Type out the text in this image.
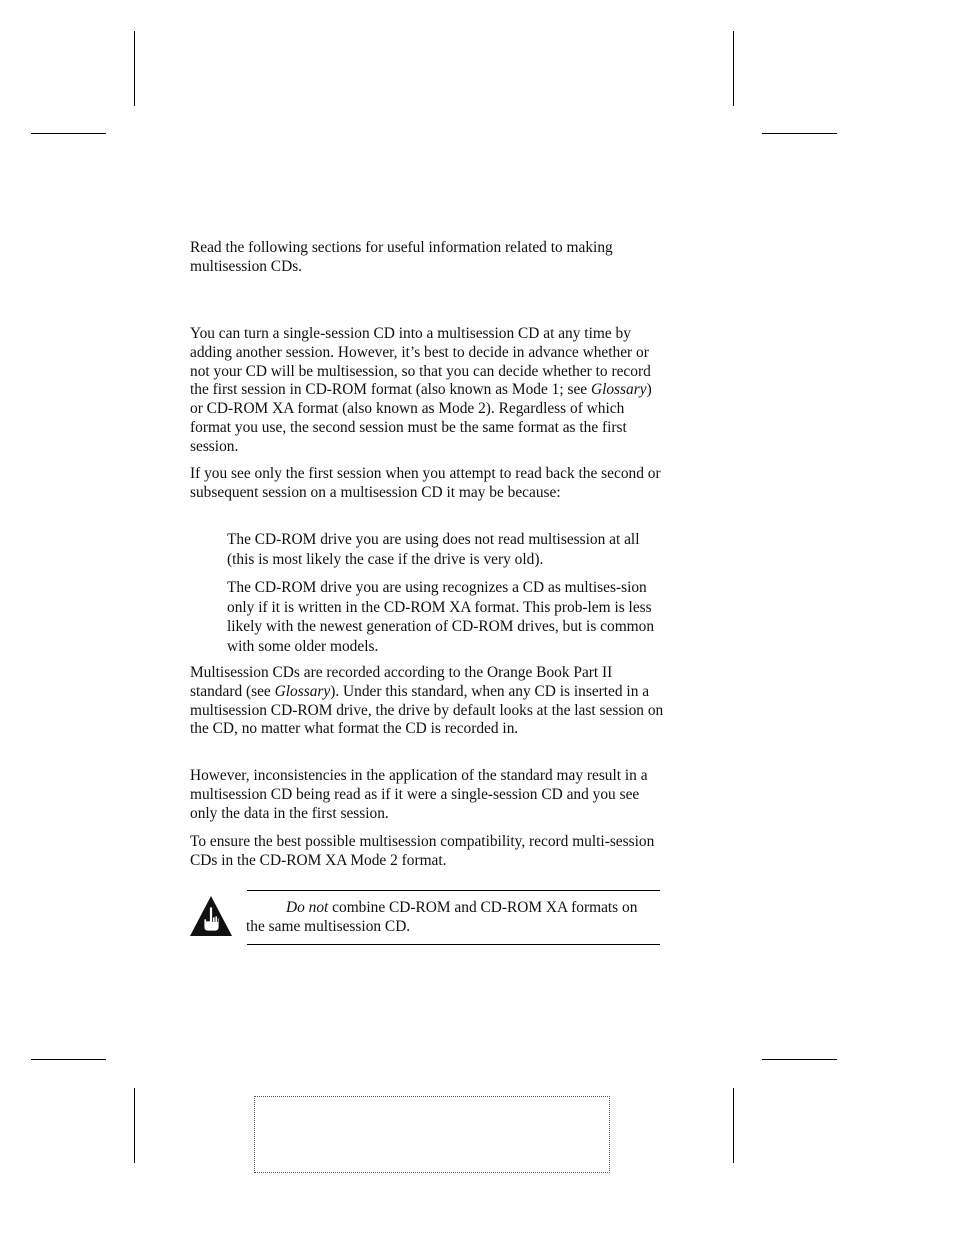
Read the following sections for useful information related to making multisession CDs.

You can turn a single-session CD into a multisession CD at any time by adding another session. However, it’s best to decide in advance whether or not your CD will be multisession, so that you can decide whether to record the first session in CD-ROM format (also known as Mode 1; see Glossary) or CD-ROM XA format (also known as Mode 2). Regardless of which format you use, the second session must be the same format as the first session.

If you see only the first session when you attempt to read back the second or subsequent session on a multisession CD it may be because:

The CD-ROM drive you are using does not read multisession at all (this is most likely the case if the drive is very old).

The CD-ROM drive you are using recognizes a CD as multises-sion only if it is written in the CD-ROM XA format. This prob-lem is less likely with the newest generation of CD-ROM drives, but is common with some older models.

Multisession CDs are recorded according to the Orange Book Part II standard (see Glossary). Under this standard, when any CD is inserted in a multisession CD-ROM drive, the drive by default looks at the last session on the CD, no matter what format the CD is recorded in.

However, inconsistencies in the application of the standard may result in a multisession CD being read as if it were a single-session CD and you see only the data in the first session.

To ensure the best possible multisession compatibility, record multi-session CDs in the CD-ROM XA Mode 2 format.

Do not combine CD-ROM and CD-ROM XA formats on the same multisession CD.
